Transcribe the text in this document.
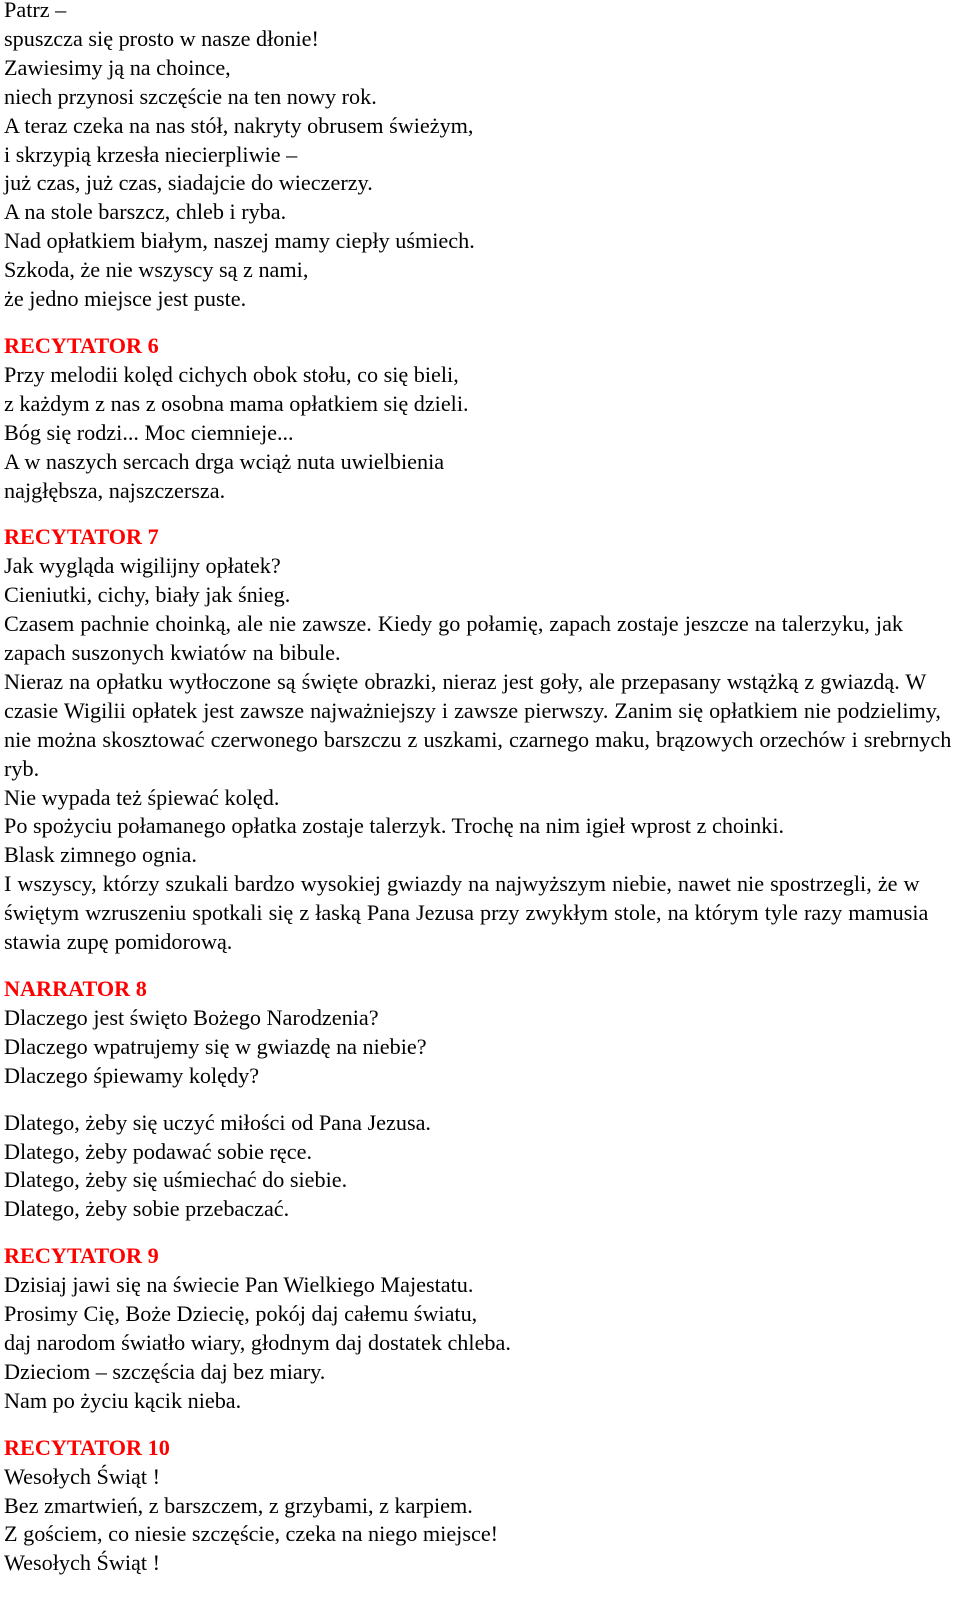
Patrz –
spuszcza się prosto w nasze dłonie!
Zawiesimy ją na choince,
niech przynosi szczęście na ten nowy rok.
A teraz czeka na nas stół, nakryty obrusem świeżym,
i skrzypią krzesła niecierpliwie –
już czas, już czas, siadajcie do wieczerzy.
A na stole barszcz, chleb i ryba.
Nad opłatkiem białym, naszej mamy ciepły uśmiech.
Szkoda, że nie wszyscy są z nami,
że jedno miejsce jest puste.
RECYTATOR 6
Przy melodii kolęd cichych obok stołu, co się bieli,
z każdym z nas z osobna mama opłatkiem się dzieli.
Bóg się rodzi... Moc ciemnieje...
A w naszych sercach drga wciąż nuta uwielbienia
najgłębsza, najszczersza.
RECYTATOR 7
Jak wygląda wigilijny opłatek?
Cieniutki, cichy, biały jak śnieg.
Czasem pachnie choinką, ale nie zawsze. Kiedy go połamię, zapach zostaje jeszcze na talerzyku, jak zapach suszonych kwiatów na bibule.
Nieraz na opłatku wytłoczone są święte obrazki, nieraz jest goły, ale przepasany wstążką z gwiazdą. W czasie Wigilii opłatek jest zawsze najważniejszy i zawsze pierwszy. Zanim się opłatkiem nie podzielimy, nie można skosztować czerwonego barszczu z uszkami, czarnego maku, brązowych orzechów i srebrnych ryb.
Nie wypada też śpiewać kolęd.
Po spożyciu połamanego opłatka zostaje talerzyk. Trochę na nim igieł wprost z choinki.
Blask zimnego ognia.
I wszyscy, którzy szukali bardzo wysokiej gwiazdy na najwyższym niebie, nawet nie spostrzegli, że w świętym wzruszeniu spotkali się z łaską Pana Jezusa przy zwykłym stole, na którym tyle razy mamusia stawia zupę pomidorową.
NARRATOR 8
Dlaczego jest święto Bożego Narodzenia?
Dlaczego wpatrujemy się w gwiazdę na niebie?
Dlaczego śpiewamy kolędy?
Dlatego, żeby się uczyć miłości od Pana Jezusa.
Dlatego, żeby podawać sobie ręce.
Dlatego, żeby się uśmiechać do siebie.
Dlatego, żeby sobie przebaczać.
RECYTATOR 9
Dzisiaj jawi się na świecie Pan Wielkiego Majestatu.
Prosimy Cię, Boże Dziecię, pokój daj całemu światu,
daj narodom światło wiary, głodnym daj dostatek chleba.
Dzieciom – szczęścia daj bez miary.
Nam po życiu kącik nieba.
RECYTATOR 10
Wesołych Świąt !
Bez zmartwień, z barszczem, z grzybami, z karpiem.
Z gościem, co niesie szczęście, czeka na niego miejsce!
Wesołych Świąt !
